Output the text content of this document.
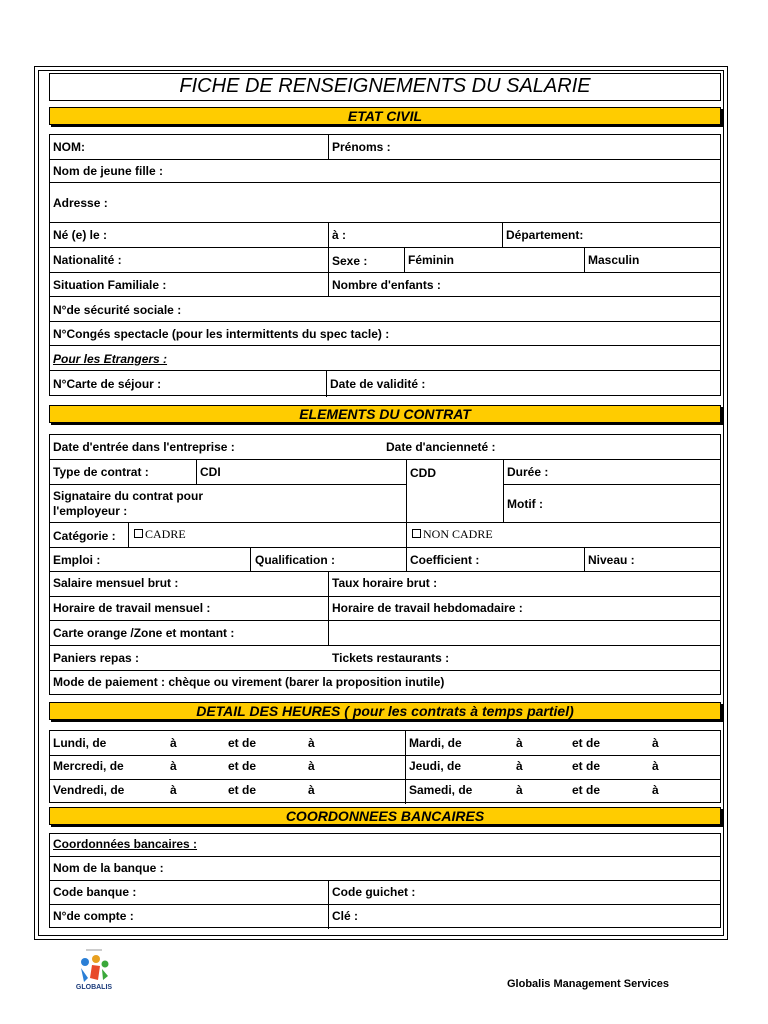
FICHE DE RENSEIGNEMENTS DU SALARIE
ETAT CIVIL
NOM:	Prénoms :
Nom de jeune fille :
Adresse :
Né (e) le :	à :	Département:
Nationalité :	Sexe :	Féminin	Masculin
Situation Familiale :	Nombre d'enfants :
N°de sécurité sociale :
N°Congés spectacle (pour les intermittents du spec tacle) :
Pour les Etrangers :
N°Carte de séjour :	Date de validité :
ELEMENTS DU CONTRAT
Date d'entrée dans l'entreprise :	Date d'ancienneté :
Type de contrat :	CDI	CDD	Durée :
Signataire du contrat pour
l'employeur :	Motif :
Catégorie :	CADRE	NON CADRE
Emploi :	Qualification :	Coefficient :	Niveau :
Salaire mensuel brut :	Taux horaire brut :
Horaire de travail mensuel :	Horaire de travail hebdomadaire :
Carte orange /Zone et montant :
Paniers repas :	Tickets restaurants :
Mode de paiement : chèque ou virement (barer la proposition inutile)
DETAIL DES HEURES ( pour les contrats à temps partiel)
Lundi, de	à	et de	à	Mardi, de	à	et de	à
Mercredi, de	à	et de	à	Jeudi, de	à	et de	à
Vendredi, de	à	et de	à	Samedi, de	à	et de	à
COORDONNEES BANCAIRES
Coordonnées bancaires :
Nom de la banque :
Code banque :	Code guichet :
N°de compte :	Clé :
GLOBALIS	Globalis Management Services
